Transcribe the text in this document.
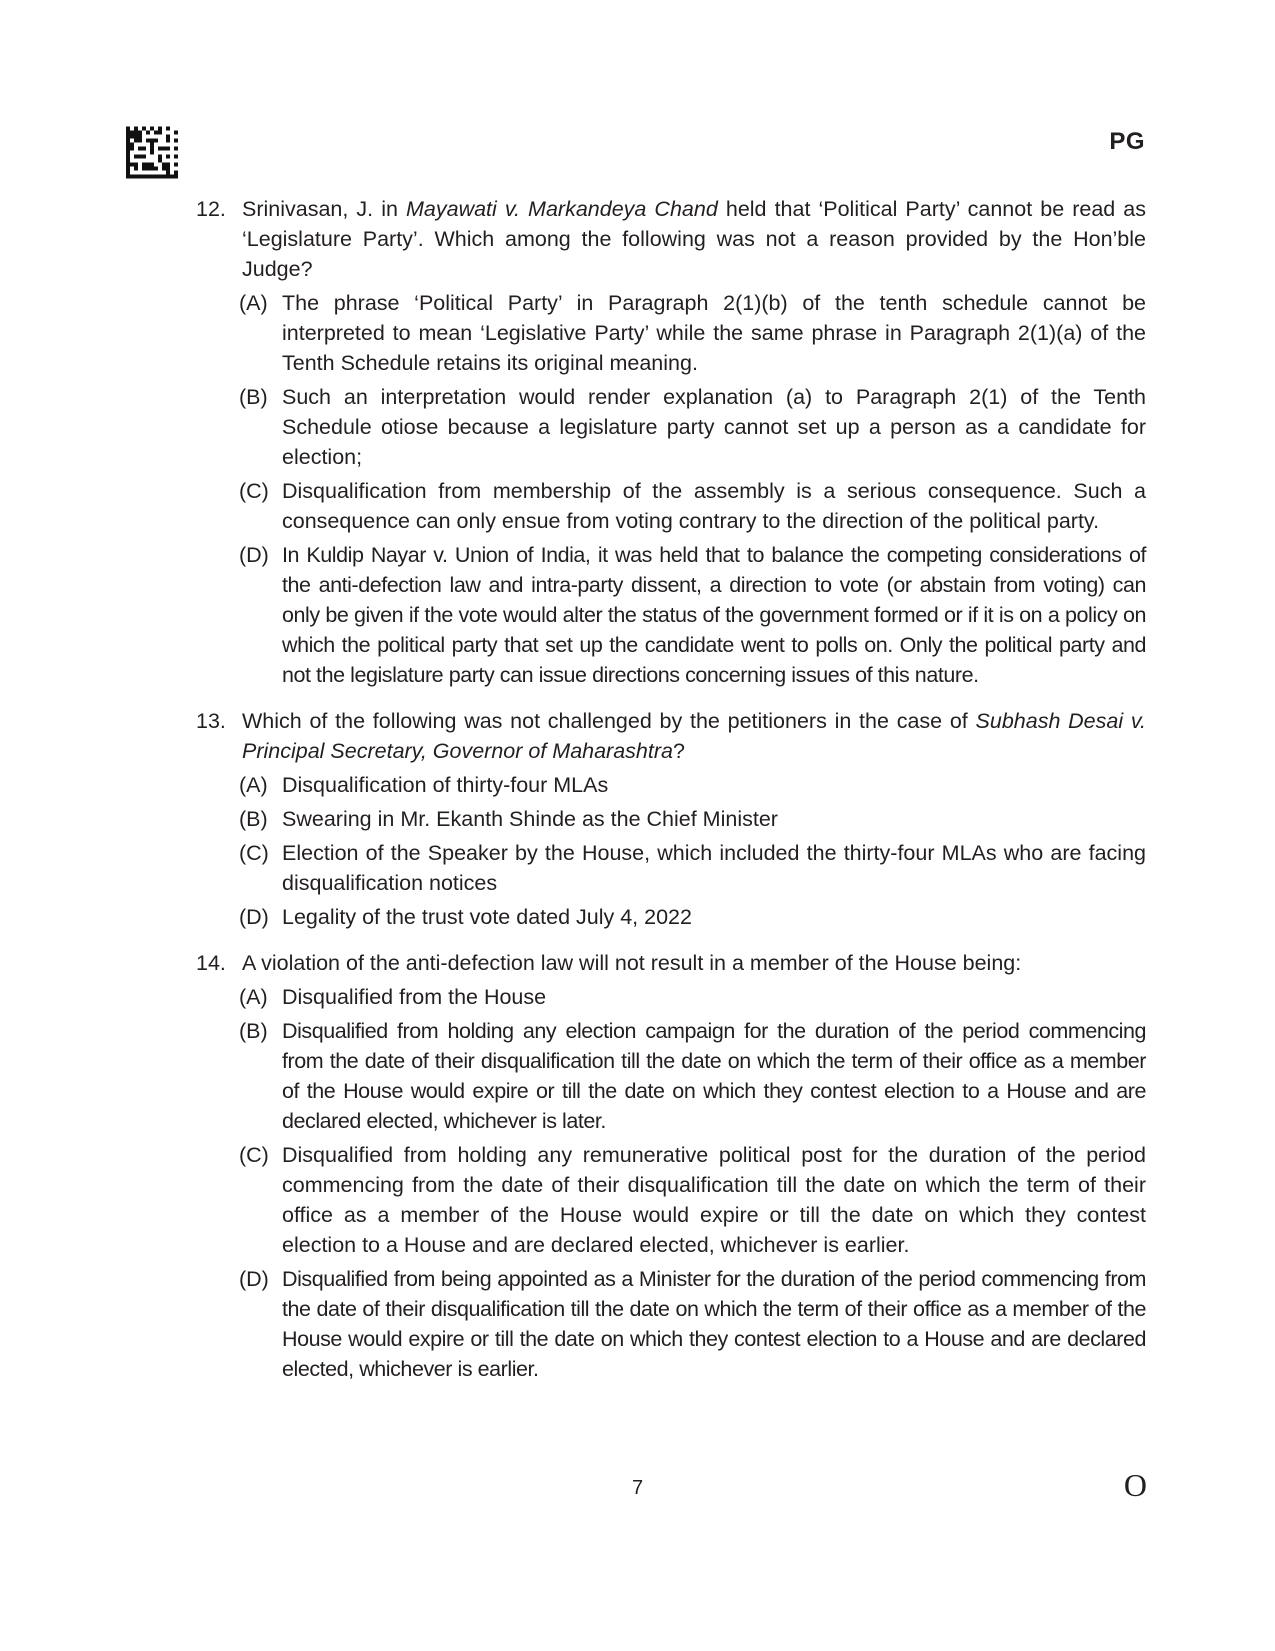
PG
12. Srinivasan, J. in Mayawati v. Markandeya Chand held that ‘Political Party’ cannot be read as ‘Legislature Party’. Which among the following was not a reason provided by the Hon’ble Judge?
(A) The phrase ‘Political Party’ in Paragraph 2(1)(b) of the tenth schedule cannot be interpreted to mean ‘Legislative Party’ while the same phrase in Paragraph 2(1)(a) of the Tenth Schedule retains its original meaning.
(B) Such an interpretation would render explanation (a) to Paragraph 2(1) of the Tenth Schedule otiose because a legislature party cannot set up a person as a candidate for election;
(C) Disqualification from membership of the assembly is a serious consequence. Such a consequence can only ensue from voting contrary to the direction of the political party.
(D) In Kuldip Nayar v. Union of India, it was held that to balance the competing considerations of the anti-defection law and intra-party dissent, a direction to vote (or abstain from voting) can only be given if the vote would alter the status of the government formed or if it is on a policy on which the political party that set up the candidate went to polls on. Only the political party and not the legislature party can issue directions concerning issues of this nature.
13. Which of the following was not challenged by the petitioners in the case of Subhash Desai v. Principal Secretary, Governor of Maharashtra?
(A) Disqualification of thirty-four MLAs
(B) Swearing in Mr. Ekanth Shinde as the Chief Minister
(C) Election of the Speaker by the House, which included the thirty-four MLAs who are facing disqualification notices
(D) Legality of the trust vote dated July 4, 2022
14. A violation of the anti-defection law will not result in a member of the House being:
(A) Disqualified from the House
(B) Disqualified from holding any election campaign for the duration of the period commencing from the date of their disqualification till the date on which the term of their office as a member of the House would expire or till the date on which they contest election to a House and are declared elected, whichever is later.
(C) Disqualified from holding any remunerative political post for the duration of the period commencing from the date of their disqualification till the date on which the term of their office as a member of the House would expire or till the date on which they contest election to a House and are declared elected, whichever is earlier.
(D) Disqualified from being appointed as a Minister for the duration of the period commencing from the date of their disqualification till the date on which the term of their office as a member of the House would expire or till the date on which they contest election to a House and are declared elected, whichever is earlier.
7	O
